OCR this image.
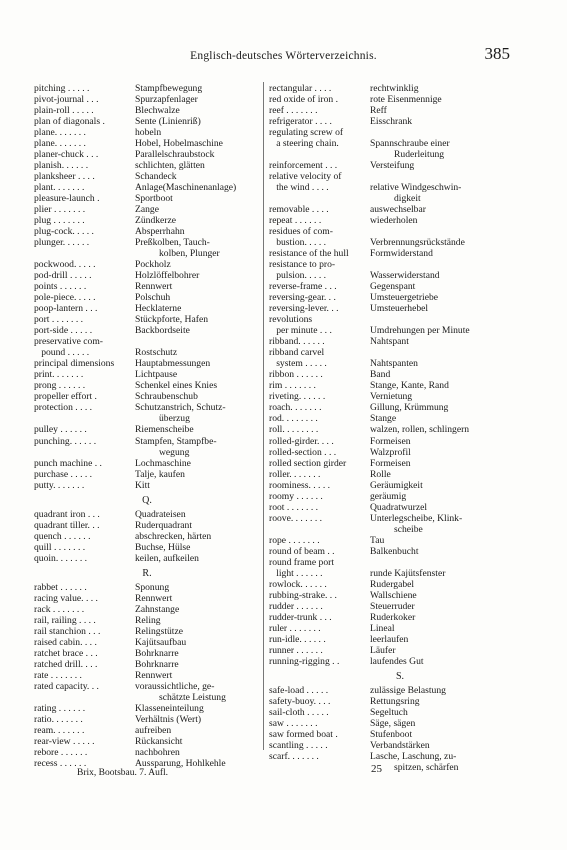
Englisch-deutsches Wörterverzeichnis.	385
pitching . . . . .	Stampfbewegung
pivot-journal . . .	Spurzapfenlager
plain-roll . . . . .	Blechwalze
plan of diagonals .	Sente (Linienriß)
plane. . . . . . .	hobeln
plane. . . . . . .	Hobel, Hobelmaschine
planer-chuck . . .	Parallelschraubstock
planish. . . . . .	schlichten, glätten
planksheer . . . .	Schandeck
plant. . . . . . .	Anlage(Maschinenanlage)
pleasure-launch .	Sportboot
plier . . . . . . .	Zange
plug . . . . . . .	Zündkerze
plug-cock. . . . .	Absperrhahn
plunger. . . . . .	Preßkolben, Tauch-
kolben, Plunger
pockwood. . . . .	Pockholz
pod-drill . . . . .	Holzlöffelbohrer
points . . . . . .	Rennwert
pole-piece. . . . .	Polschuh
poop-lantern . . .	Hecklaterne
port . . . . . . .	Stückpforte, Hafen
port-side . . . . .	Backbordseite
preservative com-
pound . . . . .	Rostschutz
principal dimensions	Hauptabmessungen
print. . . . . . .	Lichtpause
prong . . . . . .	Schenkel eines Knies
propeller effort .	Schraubenschub
protection . . . .	Schutzanstrich, Schutz-
überzug
pulley . . . . . .	Riemenscheibe
punching. . . . . .	Stampfen, Stampfbe-
wegung
punch machine . .	Lochmaschine
purchase . . . . .	Talje, kaufen
putty. . . . . . .	Kitt
Q.
quadrant iron . . .	Quadrateisen
quadrant tiller. . .	Ruderquadrant
quench . . . . . .	abschrecken, härten
quill . . . . . . .	Buchse, Hülse
quoin. . . . . . .	keilen, aufkeilen
R.
rabbet . . . . . .	Sponung
racing value. . . .	Rennwert
rack . . . . . . .	Zahnstange
rail, railing . . . .	Reling
rail stanchion . . .	Relingstütze
raised cabin. . . .	Kajütsaufbau
ratchet brace . . .	Bohrknarre
ratched drill. . . .	Bohrknarre
rate . . . . . . .	Rennwert
rated capacity. . .	voraussichtliche, ge-
schätzte Leistung
rating . . . . . .	Klasseneinteilung
ratio. . . . . . .	Verhältnis (Wert)
ream. . . . . . .	aufreiben
rear-view . . . . .	Rückansicht
rebore . . . . . .	nachbohren
recess . . . . . .	Aussparung, Hohlkehle
rectangular . . . .	rechtwinklig
red oxide of iron .	rote Eisenmennige
reef . . . . . . .	Reff
refrigerator . . . .	Eisschrank
regulating screw of
a steering chain.	Spannschraube einer
Ruderleitung
reinforcement . . .	Versteifung
relative velocity of
the wind . . . .	relative Windgeschwin-
digkeit
removable . . . .	auswechselbar
repeat . . . . . .	wiederholen
residues of com-
bustion. . . . .	Verbrennungsrückstände
resistance of the hull	Formwiderstand
resistance to pro-
pulsion. . . . .	Wasserwiderstand
reverse-frame . . .	Gegenspant
reversing-gear. . .	Umsteuergetriebe
reversing-lever. . .	Umsteuerhebel
revolutions
per minute . . .	Umdrehungen per Minute
ribband. . . . . .	Nahtspant
ribband carvel
system . . . . .	Nahtspanten
ribbon . . . . . .	Band
rim . . . . . . .	Stange, Kante, Rand
riveting. . . . . .	Vernietung
roach. . . . . . .	Gillung, Krümmung
rod. . . . . . . .	Stange
roll. . . . . . . .	walzen, rollen, schlingern
rolled-girder. . . .	Formeisen
rolled-section . . .	Walzprofil
rolled section girder	Formeisen
roller. . . . . . .	Rolle
roominess. . . . .	Geräumigkeit
roomy . . . . . .	geräumig
root . . . . . . .	Quadratwurzel
roove. . . . . . .	Unterlegscheibe, Klink-
scheibe
rope . . . . . . .	Tau
round of beam . .	Balkenbucht
round frame port
light . . . . . .	runde Kajütsfenster
rowlock. . . . . .	Rudergabel
rubbing-strake. . .	Wallschiene
rudder . . . . . .	Steuerruder
rudder-trunk . . .	Ruderkoker
ruler . . . . . . .	Lineal
run-idle. . . . . .	leerlaufen
runner . . . . . .	Läufer
running-rigging . .	laufendes Gut
S.
safe-load . . . . .	zulässige Belastung
safety-buoy. . . .	Rettungsring
sail-cloth . . . . .	Segeltuch
saw . . . . . . .	Säge, sägen
saw formed boat .	Stufenboot
scantling . . . . .	Verbandstärken
scarf. . . . . . .	Lasche, Laschung, zu-
spitzen, schärfen
Brix, Bootsbau. 7. Aufl.	25
